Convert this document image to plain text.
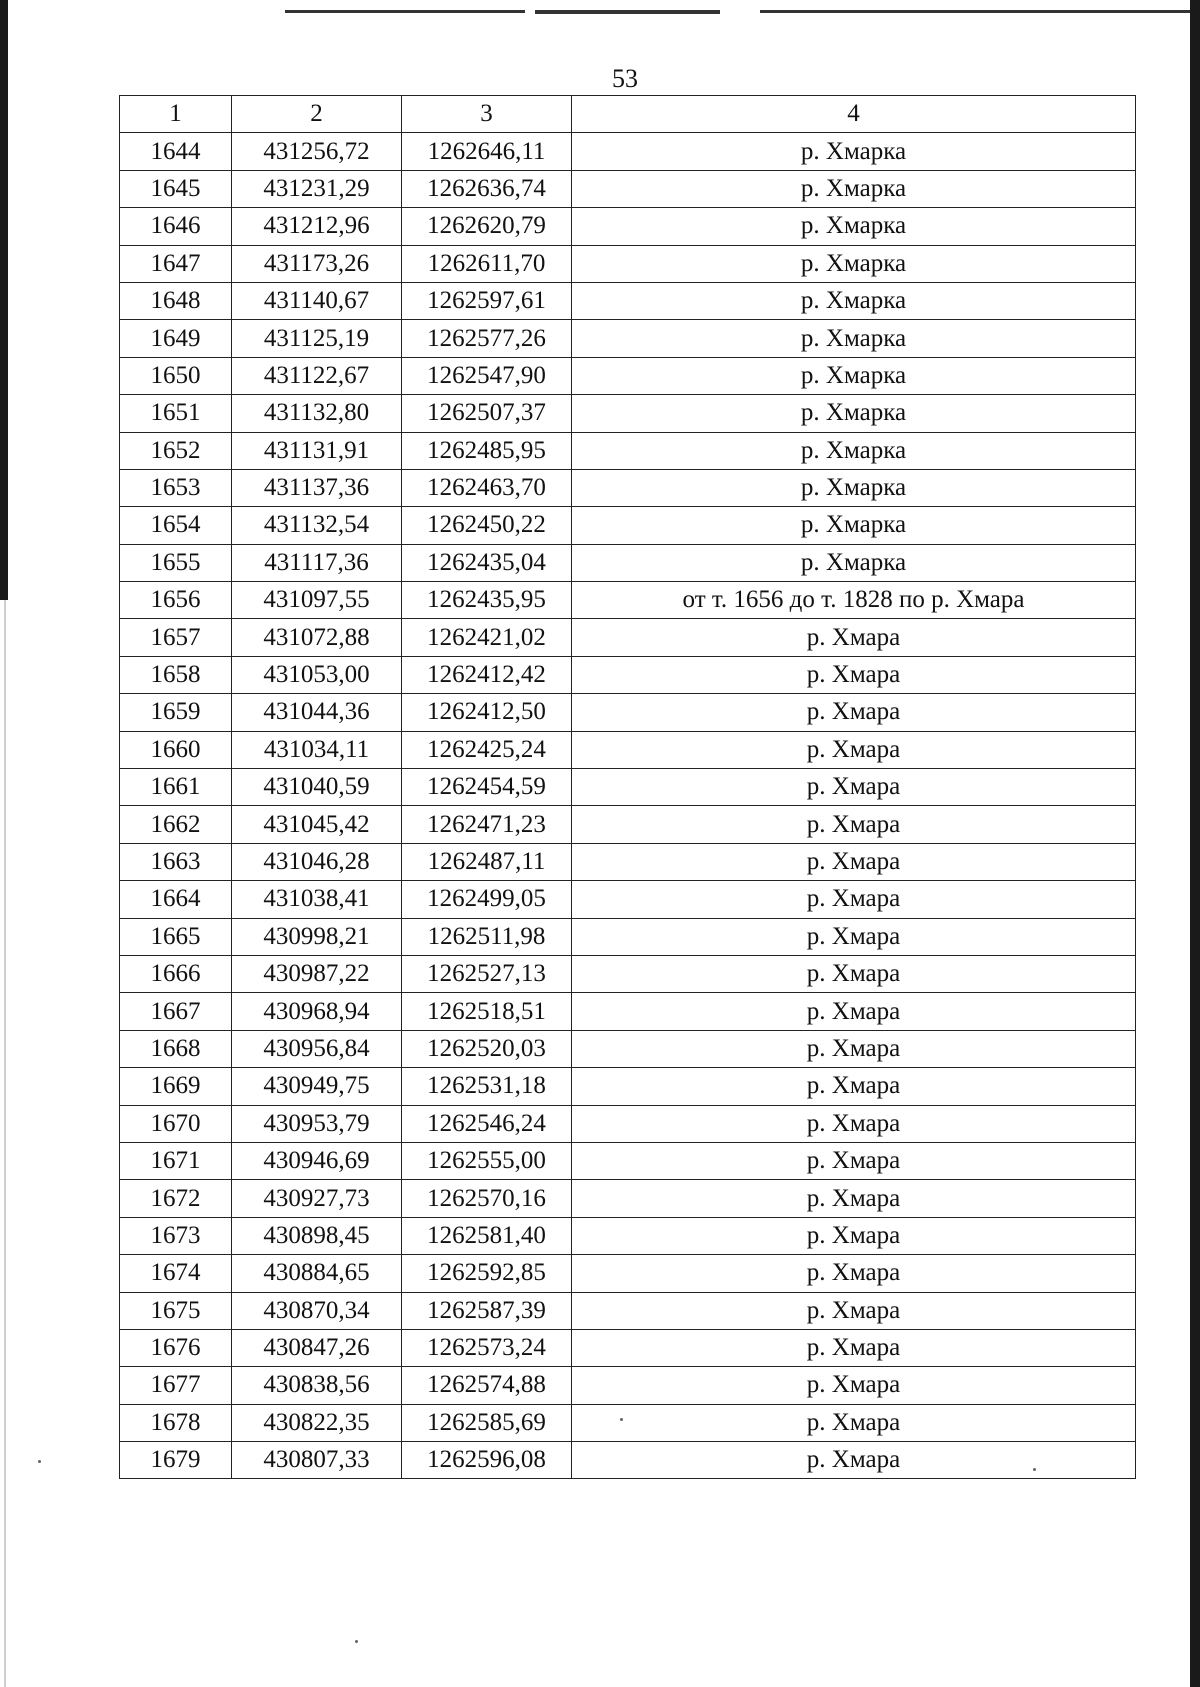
53
1	2	3	4
1644	431256,72	1262646,11	р. Хмарка
1645	431231,29	1262636,74	р. Хмарка
1646	431212,96	1262620,79	р. Хмарка
1647	431173,26	1262611,70	р. Хмарка
1648	431140,67	1262597,61	р. Хмарка
1649	431125,19	1262577,26	р. Хмарка
1650	431122,67	1262547,90	р. Хмарка
1651	431132,80	1262507,37	р. Хмарка
1652	431131,91	1262485,95	р. Хмарка
1653	431137,36	1262463,70	р. Хмарка
1654	431132,54	1262450,22	р. Хмарка
1655	431117,36	1262435,04	р. Хмарка
1656	431097,55	1262435,95	от т. 1656 до т. 1828 по р. Хмара
1657	431072,88	1262421,02	р. Хмара
1658	431053,00	1262412,42	р. Хмара
1659	431044,36	1262412,50	р. Хмара
1660	431034,11	1262425,24	р. Хмара
1661	431040,59	1262454,59	р. Хмара
1662	431045,42	1262471,23	р. Хмара
1663	431046,28	1262487,11	р. Хмара
1664	431038,41	1262499,05	р. Хмара
1665	430998,21	1262511,98	р. Хмара
1666	430987,22	1262527,13	р. Хмара
1667	430968,94	1262518,51	р. Хмара
1668	430956,84	1262520,03	р. Хмара
1669	430949,75	1262531,18	р. Хмара
1670	430953,79	1262546,24	р. Хмара
1671	430946,69	1262555,00	р. Хмара
1672	430927,73	1262570,16	р. Хмара
1673	430898,45	1262581,40	р. Хмара
1674	430884,65	1262592,85	р. Хмара
1675	430870,34	1262587,39	р. Хмара
1676	430847,26	1262573,24	р. Хмара
1677	430838,56	1262574,88	р. Хмара
1678	430822,35	1262585,69	р. Хмара
1679	430807,33	1262596,08	р. Хмара
